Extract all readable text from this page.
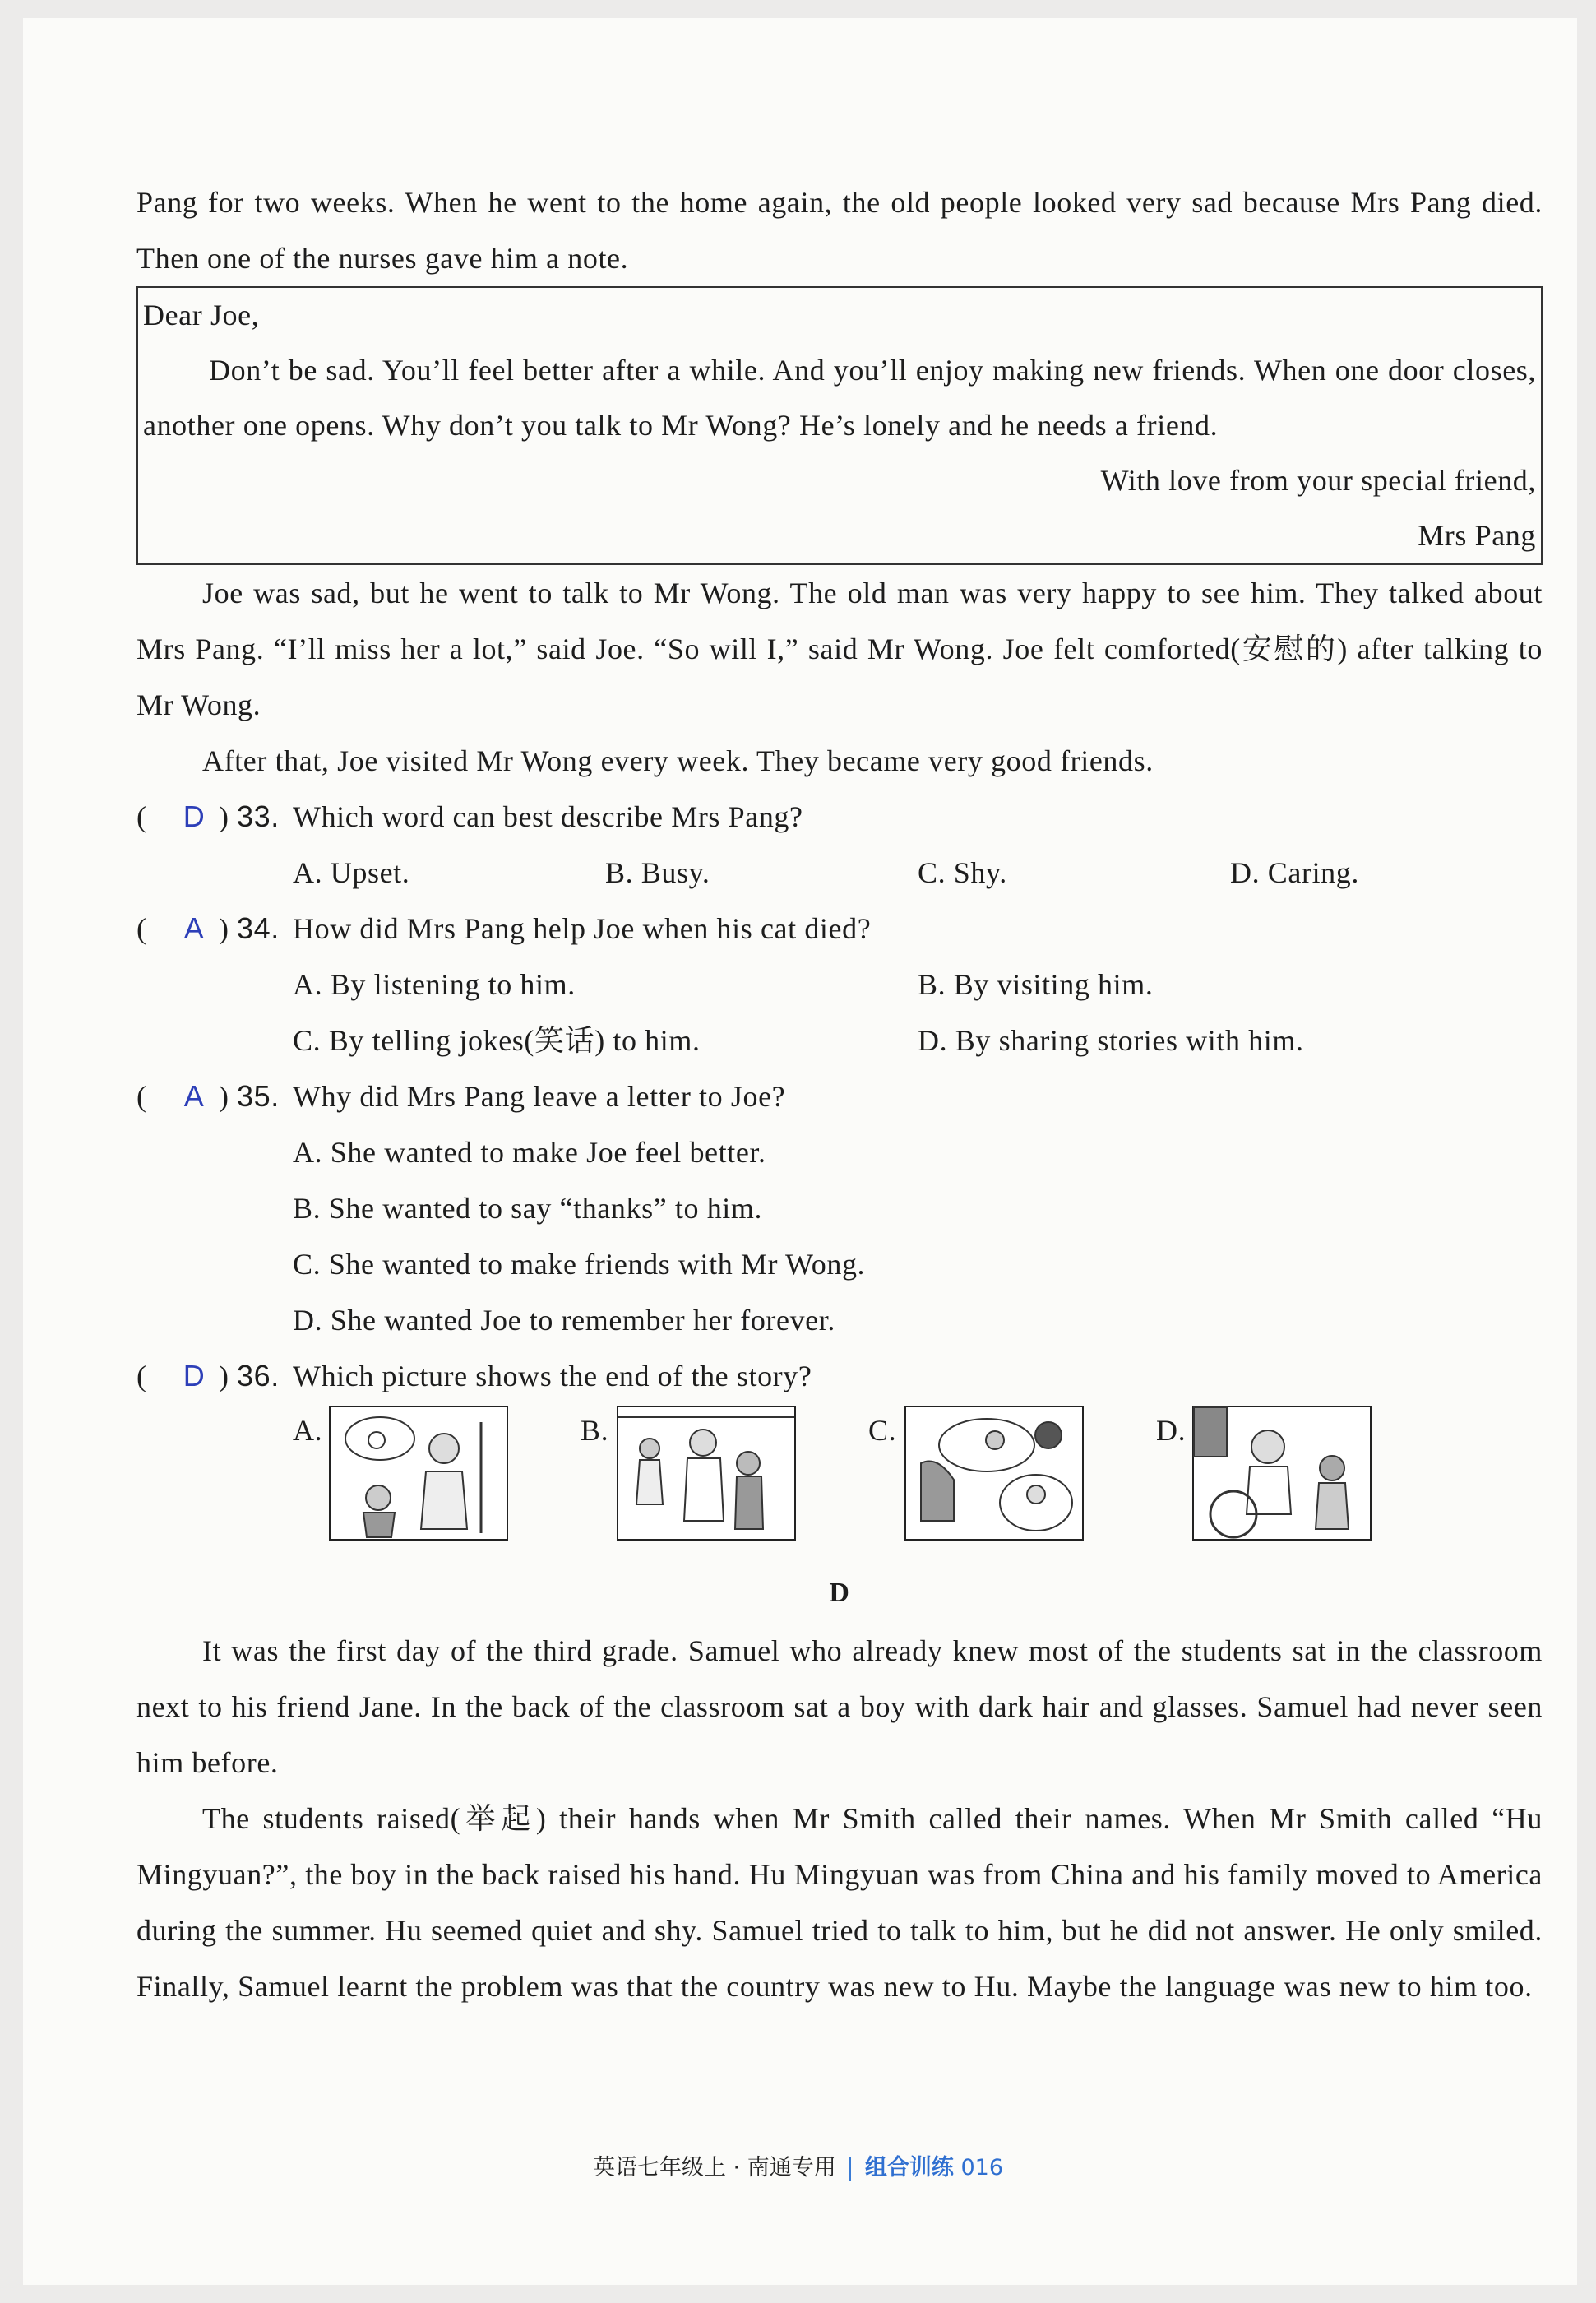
Pang for two weeks. When he went to the home again, the old people looked very sad because Mrs Pang died. Then one of the nurses gave him a note.

Dear Joe,

Don’t be sad. You’ll feel better after a while. And you’ll enjoy making new friends. When one door closes, another one opens. Why don’t you talk to Mr Wong? He’s lonely and he needs a friend.

With love from your special friend,

Mrs Pang

Joe was sad, but he went to talk to Mr Wong. The old man was very happy to see him. They talked about Mrs Pang. “I’ll miss her a lot,” said Joe. “So will I,” said Mr Wong. Joe felt comforted(安慰的) after talking to Mr Wong.

After that, Joe visited Mr Wong every week. They became very good friends.

(	D ) 33. Which word can best describe Mrs Pang?
A. Upset.	B. Busy.	C. Shy.	D. Caring.
(	A ) 34. How did Mrs Pang help Joe when his cat died?
A. By listening to him.	B. By visiting him.
C. By telling jokes(笑话) to him.	D. By sharing stories with him.
(	A ) 35. Why did Mrs Pang leave a letter to Joe?
A. She wanted to make Joe feel better.
B. She wanted to say “thanks” to him.
C. She wanted to make friends with Mr Wong.
D. She wanted Joe to remember her forever.
(	D ) 36. Which picture shows the end of the story?
A.	B.	C.	D.
D

It was the first day of the third grade. Samuel who already knew most of the students sat in the classroom next to his friend Jane. In the back of the classroom sat a boy with dark hair and glasses. Samuel had never seen him before.

The students raised(举起) their hands when Mr Smith called their names. When Mr Smith called “Hu Mingyuan?”, the boy in the back raised his hand. Hu Mingyuan was from China and his family moved to America during the summer. Hu seemed quiet and shy. Samuel tried to talk to him, but he did not answer. He only smiled. Finally, Samuel learnt the problem was that the country was new to Hu. Maybe the language was new to him too.

英语七年级上 · 南通专用 组合训练 016
